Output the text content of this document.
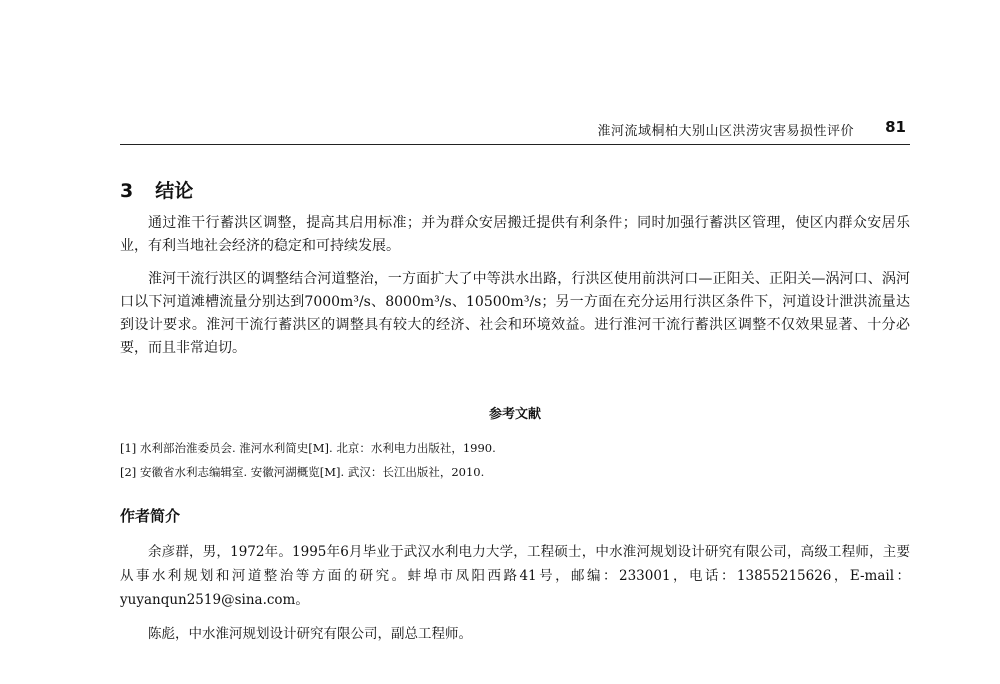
淮河流域桐柏大别山区洪涝灾害易损性评价 81
3 结论

通过淮干行蓄洪区调整，提高其启用标准；并为群众安居搬迁提供有利条件；同时加强行蓄洪区管理，使区内群众安居乐业，有利当地社会经济的稳定和可持续发展。

淮河干流行洪区的调整结合河道整治，一方面扩大了中等洪水出路，行洪区使用前洪河口—正阳关、正阳关—涡河口、涡河口以下河道滩槽流量分别达到7000m³/s、8000m³/s、10500m³/s；另一方面在充分运用行洪区条件下，河道设计泄洪流量达到设计要求。淮河干流行蓄洪区的调整具有较大的经济、社会和环境效益。进行淮河干流行蓄洪区调整不仅效果显著、十分必要，而且非常迫切。

参考文献
[1] 水利部治淮委员会. 淮河水利简史[M]. 北京：水利电力出版社，1990.
[2] 安徽省水利志编辑室. 安徽河湖概览[M]. 武汉：长江出版社，2010.
作者简介

余彦群，男，1972年。1995年6月毕业于武汉水利电力大学，工程硕士，中水淮河规划设计研究有限公司，高级工程师，主要从事水利规划和河道整治等方面的研究。蚌埠市凤阳西路41号，邮编：233001，电话：13855215626，E-mail：yuyanqun2519@sina.com。

陈彪，中水淮河规划设计研究有限公司，副总工程师。
